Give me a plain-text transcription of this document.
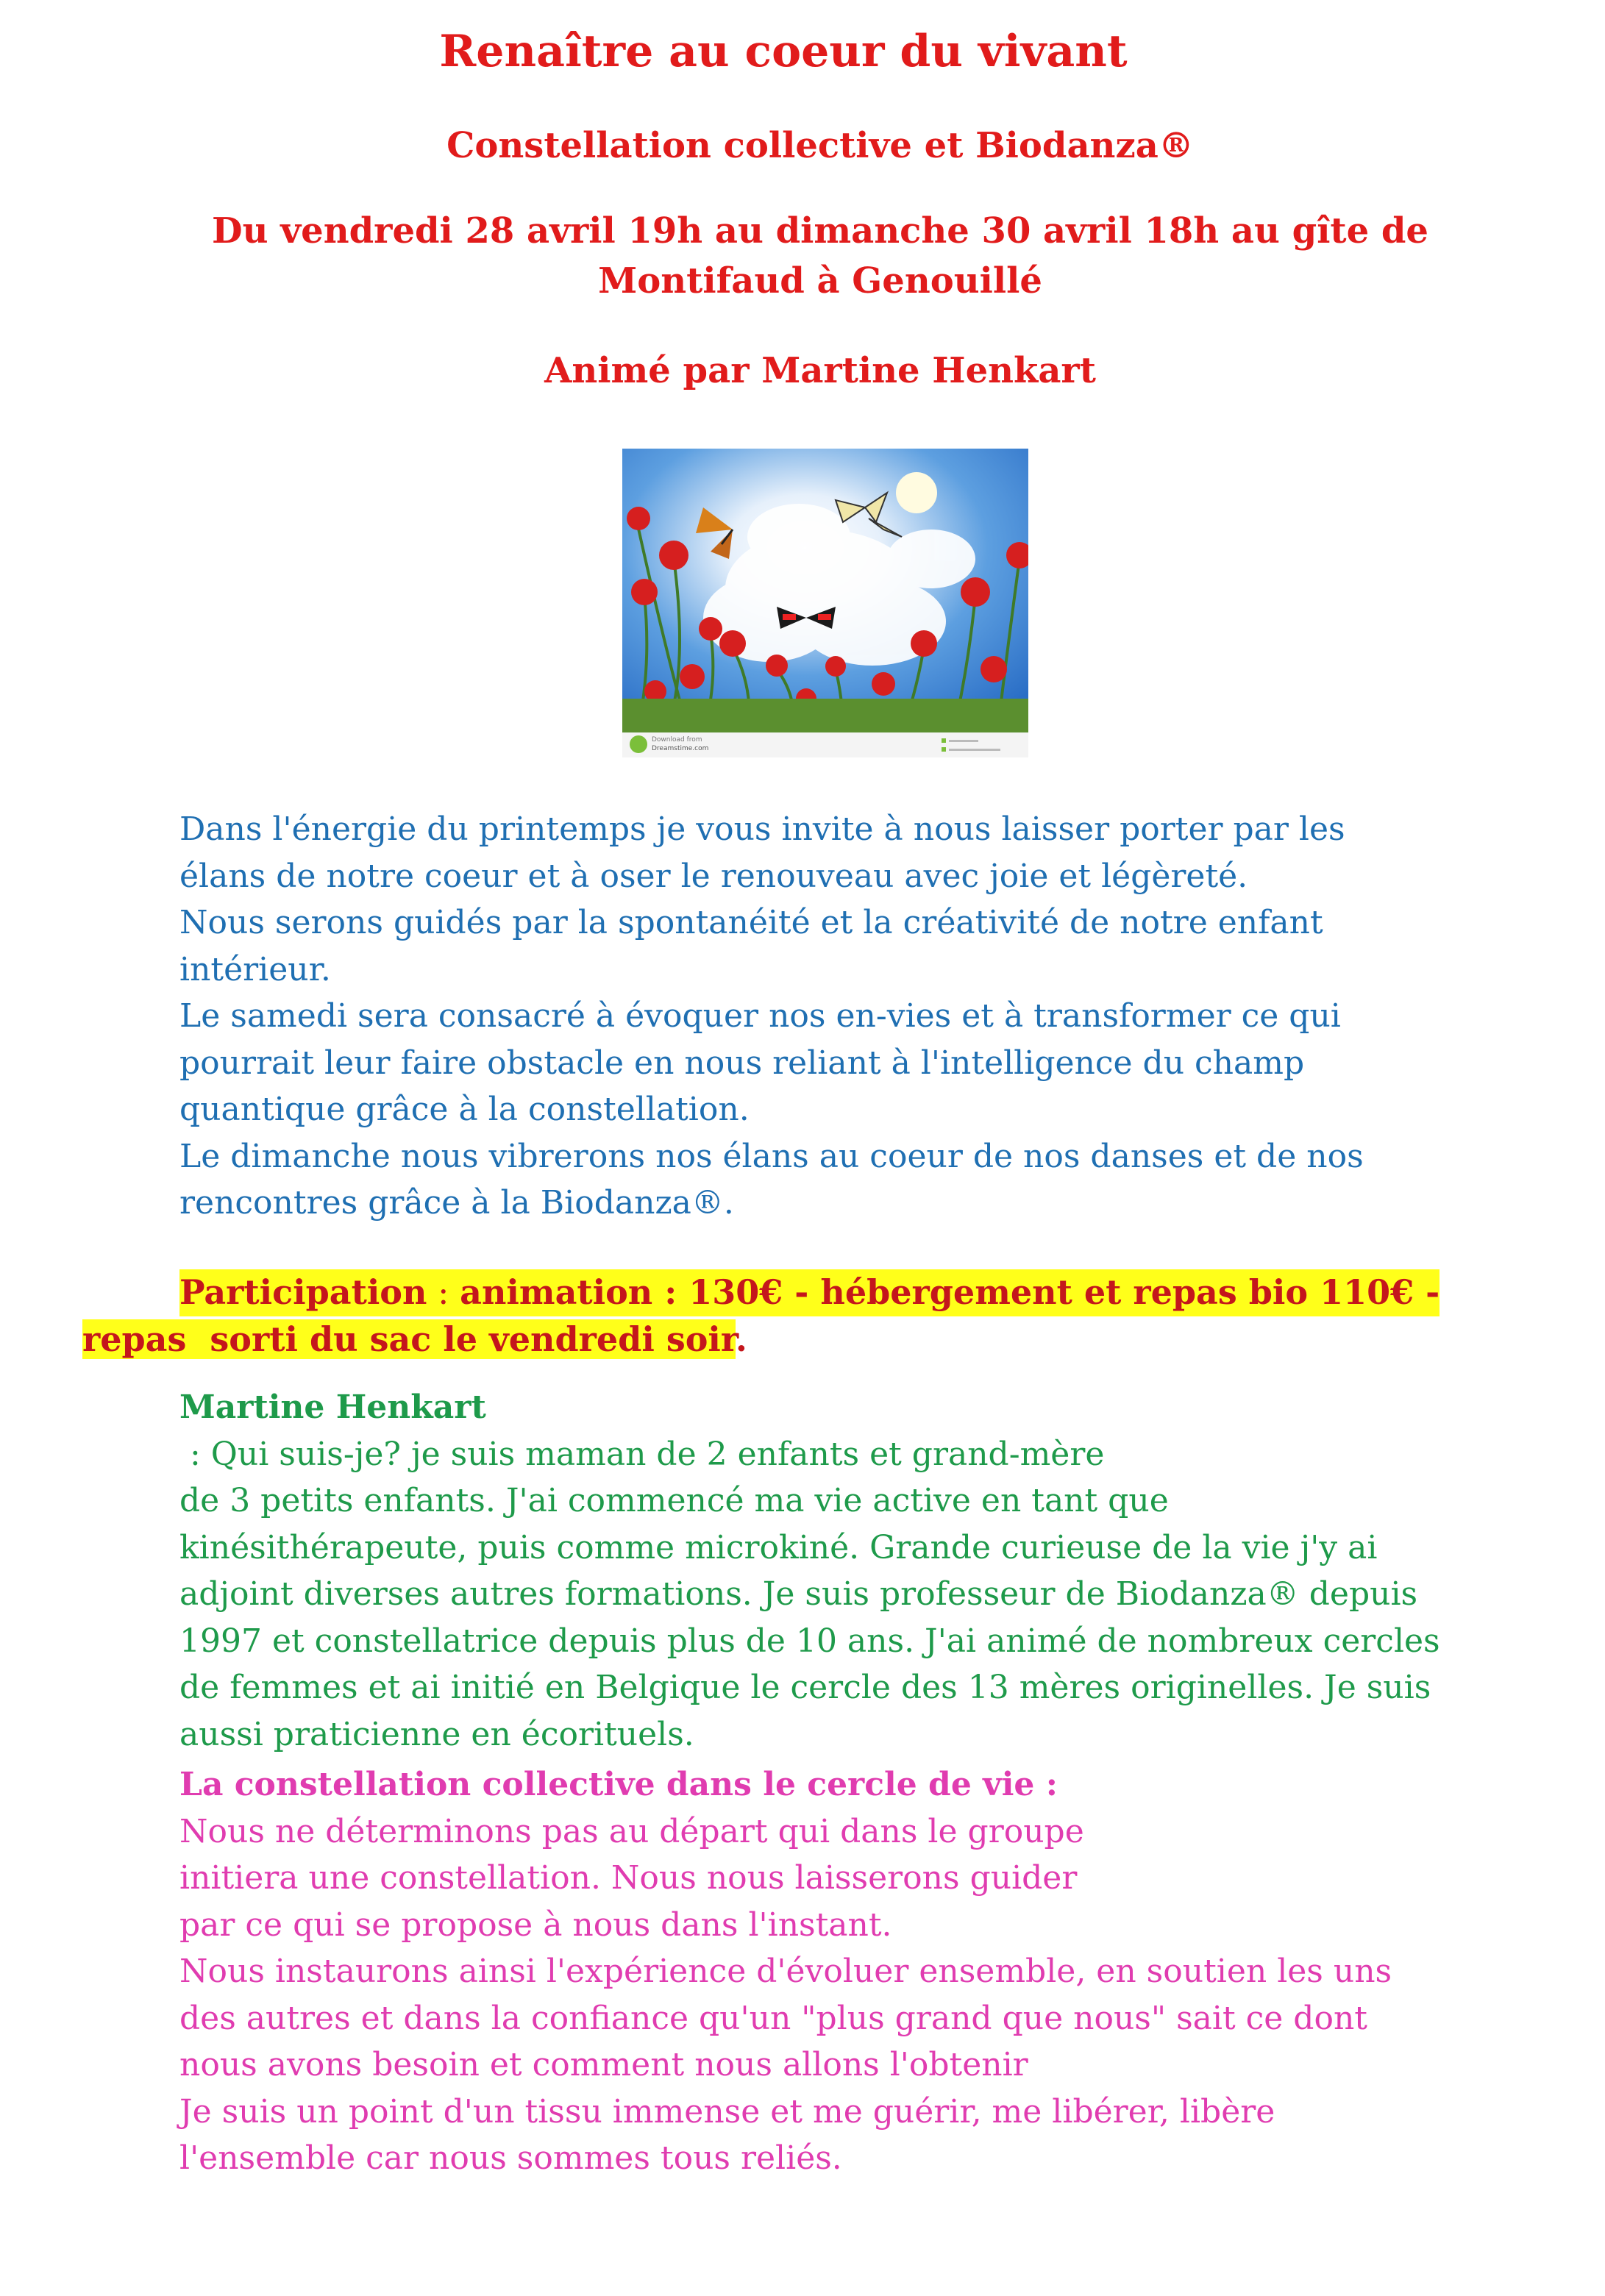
Renaître au coeur du vivant
Constellation collective et Biodanza®
Du vendredi 28 avril 19h au dimanche 30 avril 18h au gîte de
Montifaud à Genouillé
Animé par Martine Henkart
Download from
Dreamstime.com
Dans l'énergie du printemps je vous invite à nous laisser porter par les
élans de notre coeur et à oser le renouveau avec joie et légèreté.
Nous serons guidés par la spontanéité et la créativité de notre enfant
intérieur.
Le samedi sera consacré à évoquer nos en-vies et à transformer ce qui
pourrait leur faire obstacle en nous reliant à l'intelligence du champ
quantique grâce à la constellation.
Le dimanche nous vibrerons nos élans au coeur de nos danses et de nos
rencontres grâce à la Biodanza®.
Participation : animation : 130€ - hébergement et repas bio 110€ -
repas  sorti du sac le vendredi soir.
Martine Henkart
: Qui suis-je? je suis maman de 2 enfants et grand-mère
de 3 petits enfants. J'ai commencé ma vie active en tant que
kinésithérapeute, puis comme microkiné. Grande curieuse de la vie j'y ai
adjoint diverses autres formations. Je suis professeur de Biodanza® depuis
1997 et constellatrice depuis plus de 10 ans. J'ai animé de nombreux cercles
de femmes et ai initié en Belgique le cercle des 13 mères originelles. Je suis
aussi praticienne en écorituels.
La constellation collective dans le cercle de vie :
Nous ne déterminons pas au départ qui dans le groupe
initiera une constellation. Nous nous laisserons guider
par ce qui se propose à nous dans l'instant.
Nous instaurons ainsi l'expérience d'évoluer ensemble, en soutien les uns
des autres et dans la confiance qu'un "plus grand que nous" sait ce dont
nous avons besoin et comment nous allons l'obtenir
Je suis un point d'un tissu immense et me guérir, me libérer, libère
l'ensemble car nous sommes tous reliés.
